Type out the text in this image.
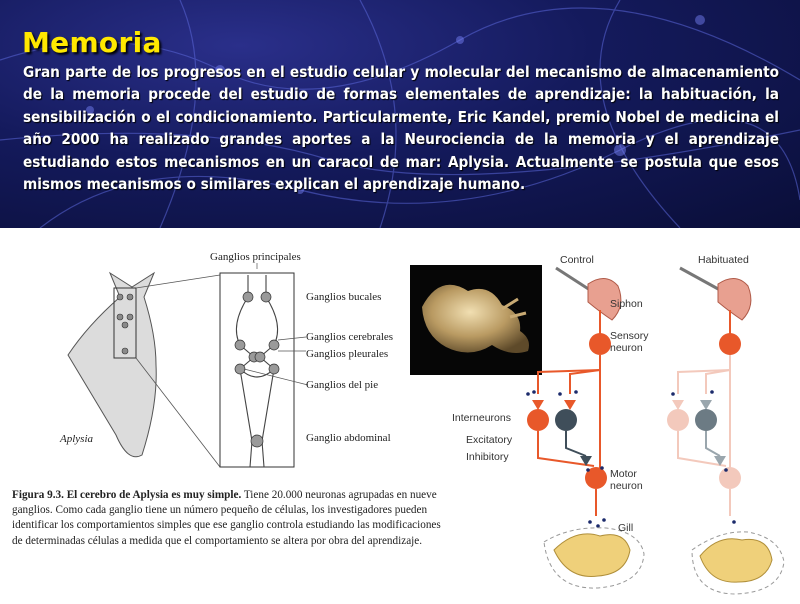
Memoria

Gran parte de los progresos en el estudio celular y molecular del mecanismo de almacenamiento de la memoria procede del estudio de formas elementales de aprendizaje: la habituación, la sensibilización o el condicionamiento. Particularmente, Eric Kandel, premio Nobel de medicina el año 2000 ha realizado grandes aportes a la Neurociencia de la memoria y el aprendizaje estudiando estos mecanismos en un caracol de mar: Aplysia. Actualmente se postula que esos mismos mecanismos o similares explican el aprendizaje humano.

Ganglios principales
Ganglios bucales
Ganglios cerebrales
Ganglios pleurales
Ganglios del pie
Ganglio abdominal
Aplysia
Figura 9.3. El cerebro de Aplysia es muy simple. Tiene 20.000 neuronas agrupadas en nueve ganglios. Como cada ganglio tiene un número pequeño de células, los investigadores pueden identificar los comportamientos simples que ese ganglio controla estudiando las modificaciones de determinadas células a medida que el comportamiento se altera por obra del aprendizaje.
Control	Habituated
Siphon
Sensory neuron
Interneurons
Excitatory
Inhibitory
Motor neuron
Gill
